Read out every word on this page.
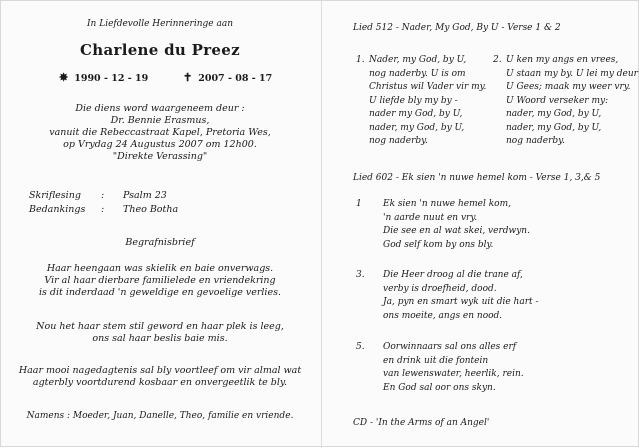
In Liefdevolle Herinneringe aan
Charlene du Preez
✸ 1990 - 12 - 19	✝ 2007 - 08 - 17
Die diens word waargeneem deur :
Dr. Bennie Erasmus,
vanuit die Rebeccastraat Kapel, Pretoria Wes,
op Vrydag 24 Augustus 2007 om 12h00.
"Direkte Verassing"
Skriflesing : Psalm 23
Bedankings : Theo Botha
Begrafnisbrief
Haar heengaan was skielik en baie onverwags.
Vir al haar dierbare familielede en vriendekring
is dit inderdaad 'n geweldige en gevoelige verlies.
Nou het haar stem stil geword en haar plek is leeg,
ons sal haar beslis baie mis.
Haar mooi nagedagtenis sal bly voortleef om vir almal wat
agterbly voortdurend kosbaar en onvergeetlik te bly.
Namens : Moeder, Juan, Danelle, Theo, familie en vriende.
Lied 512 - Nader, My God, By U - Verse 1 & 2
1. Nader, my God, by U,
nog naderby. U is om
Christus wil Vader vir my.
U liefde bly my by -
nader my God, by U,
nader, my God, by U,
nog naderby.
2. U ken my angs en vrees,
U staan my by. U lei my deur
U Gees; maak my weer vry.
U Woord verseker my:
nader, my God, by U,
nader, my God, by U,
nog naderby.
Lied 602 - Ek sien 'n nuwe hemel kom - Verse 1, 3,& 5
1 Ek sien 'n nuwe hemel kom,
'n aarde nuut en vry.
Die see en al wat skei, verdwyn.
God self kom by ons bly.
3. Die Heer droog al die trane af,
verby is droefheid, dood.
Ja, pyn en smart wyk uit die hart -
ons moeite, angs en nood.
5. Oorwinnaars sal ons alles erf
en drink uit die fontein
van lewenswater, heerlik, rein.
En God sal oor ons skyn.
CD - 'In the Arms of an Angel'
